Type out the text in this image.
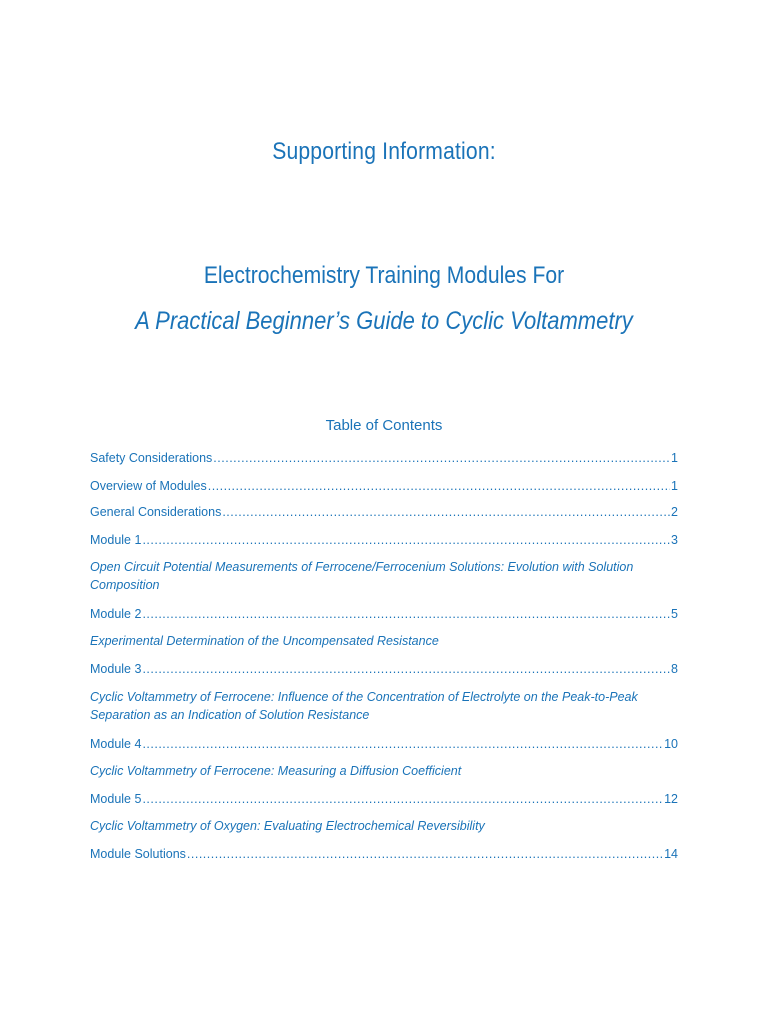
Supporting Information:
Electrochemistry Training Modules For
A Practical Beginner’s Guide to Cyclic Voltammetry
Table of Contents
Safety Considerations .....	1
Overview of Modules .....	1
General Considerations .....	2
Module 1 .....	3
Open Circuit Potential Measurements of Ferrocene/Ferrocenium Solutions: Evolution with Solution Composition
Module 2 .....	5
Experimental Determination of the Uncompensated Resistance
Module 3 .....	8
Cyclic Voltammetry of Ferrocene: Influence of the Concentration of Electrolyte on the Peak-to-Peak Separation as an Indication of Solution Resistance
Module 4 .....	10
Cyclic Voltammetry of Ferrocene: Measuring a Diffusion Coefficient
Module 5 .....	12
Cyclic Voltammetry of Oxygen: Evaluating Electrochemical Reversibility
Module Solutions .....	14
